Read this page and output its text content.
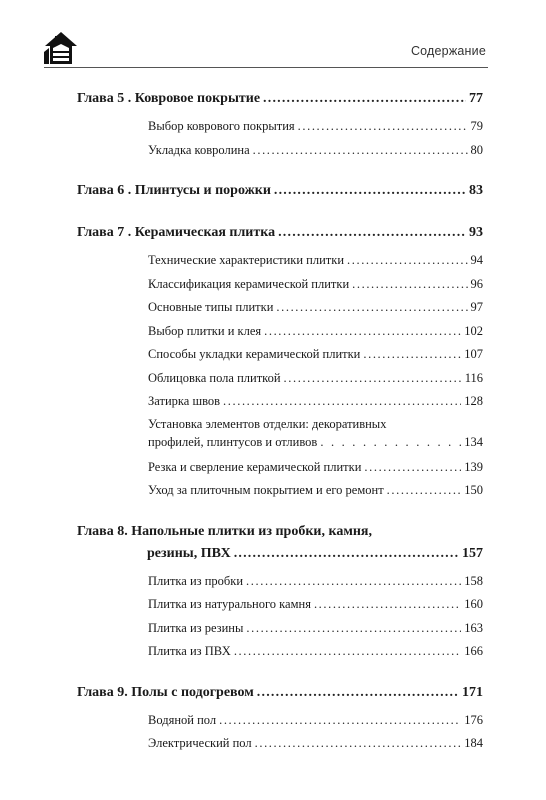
Содержание
Глава 5 . Ковровое покрытие .....	77
Выбор коврового покрытия .....	79
Укладка ковролина .....	80
Глава 6 . Плинтусы и порожки .....	83
Глава 7 . Керамическая плитка .....	93
Технические характеристики плитки .....	94
Классификация керамической плитки .....	96
Основные типы плитки .....	97
Выбор плитки и клея .....	102
Способы укладки керамической плитки .....	107
Облицовка пола плиткой .....	116
Затирка швов .....	128
Установка элементов отделки: декоративных
профилей, плинтусов и отливов . . .	134
Резка и сверление керамической плитки .....	139
Уход за плиточным покрытием и его ремонт .....	150
Глава 8. Напольные плитки из пробки, камня,
резины, ПВХ .....	157
Плитка из пробки .....	158
Плитка из натурального камня .....	160
Плитка из резины .....	163
Плитка из ПВХ .....	166
Глава 9. Полы с подогревом .....	171
Водяной пол .....	176
Электрический пол .....	184
